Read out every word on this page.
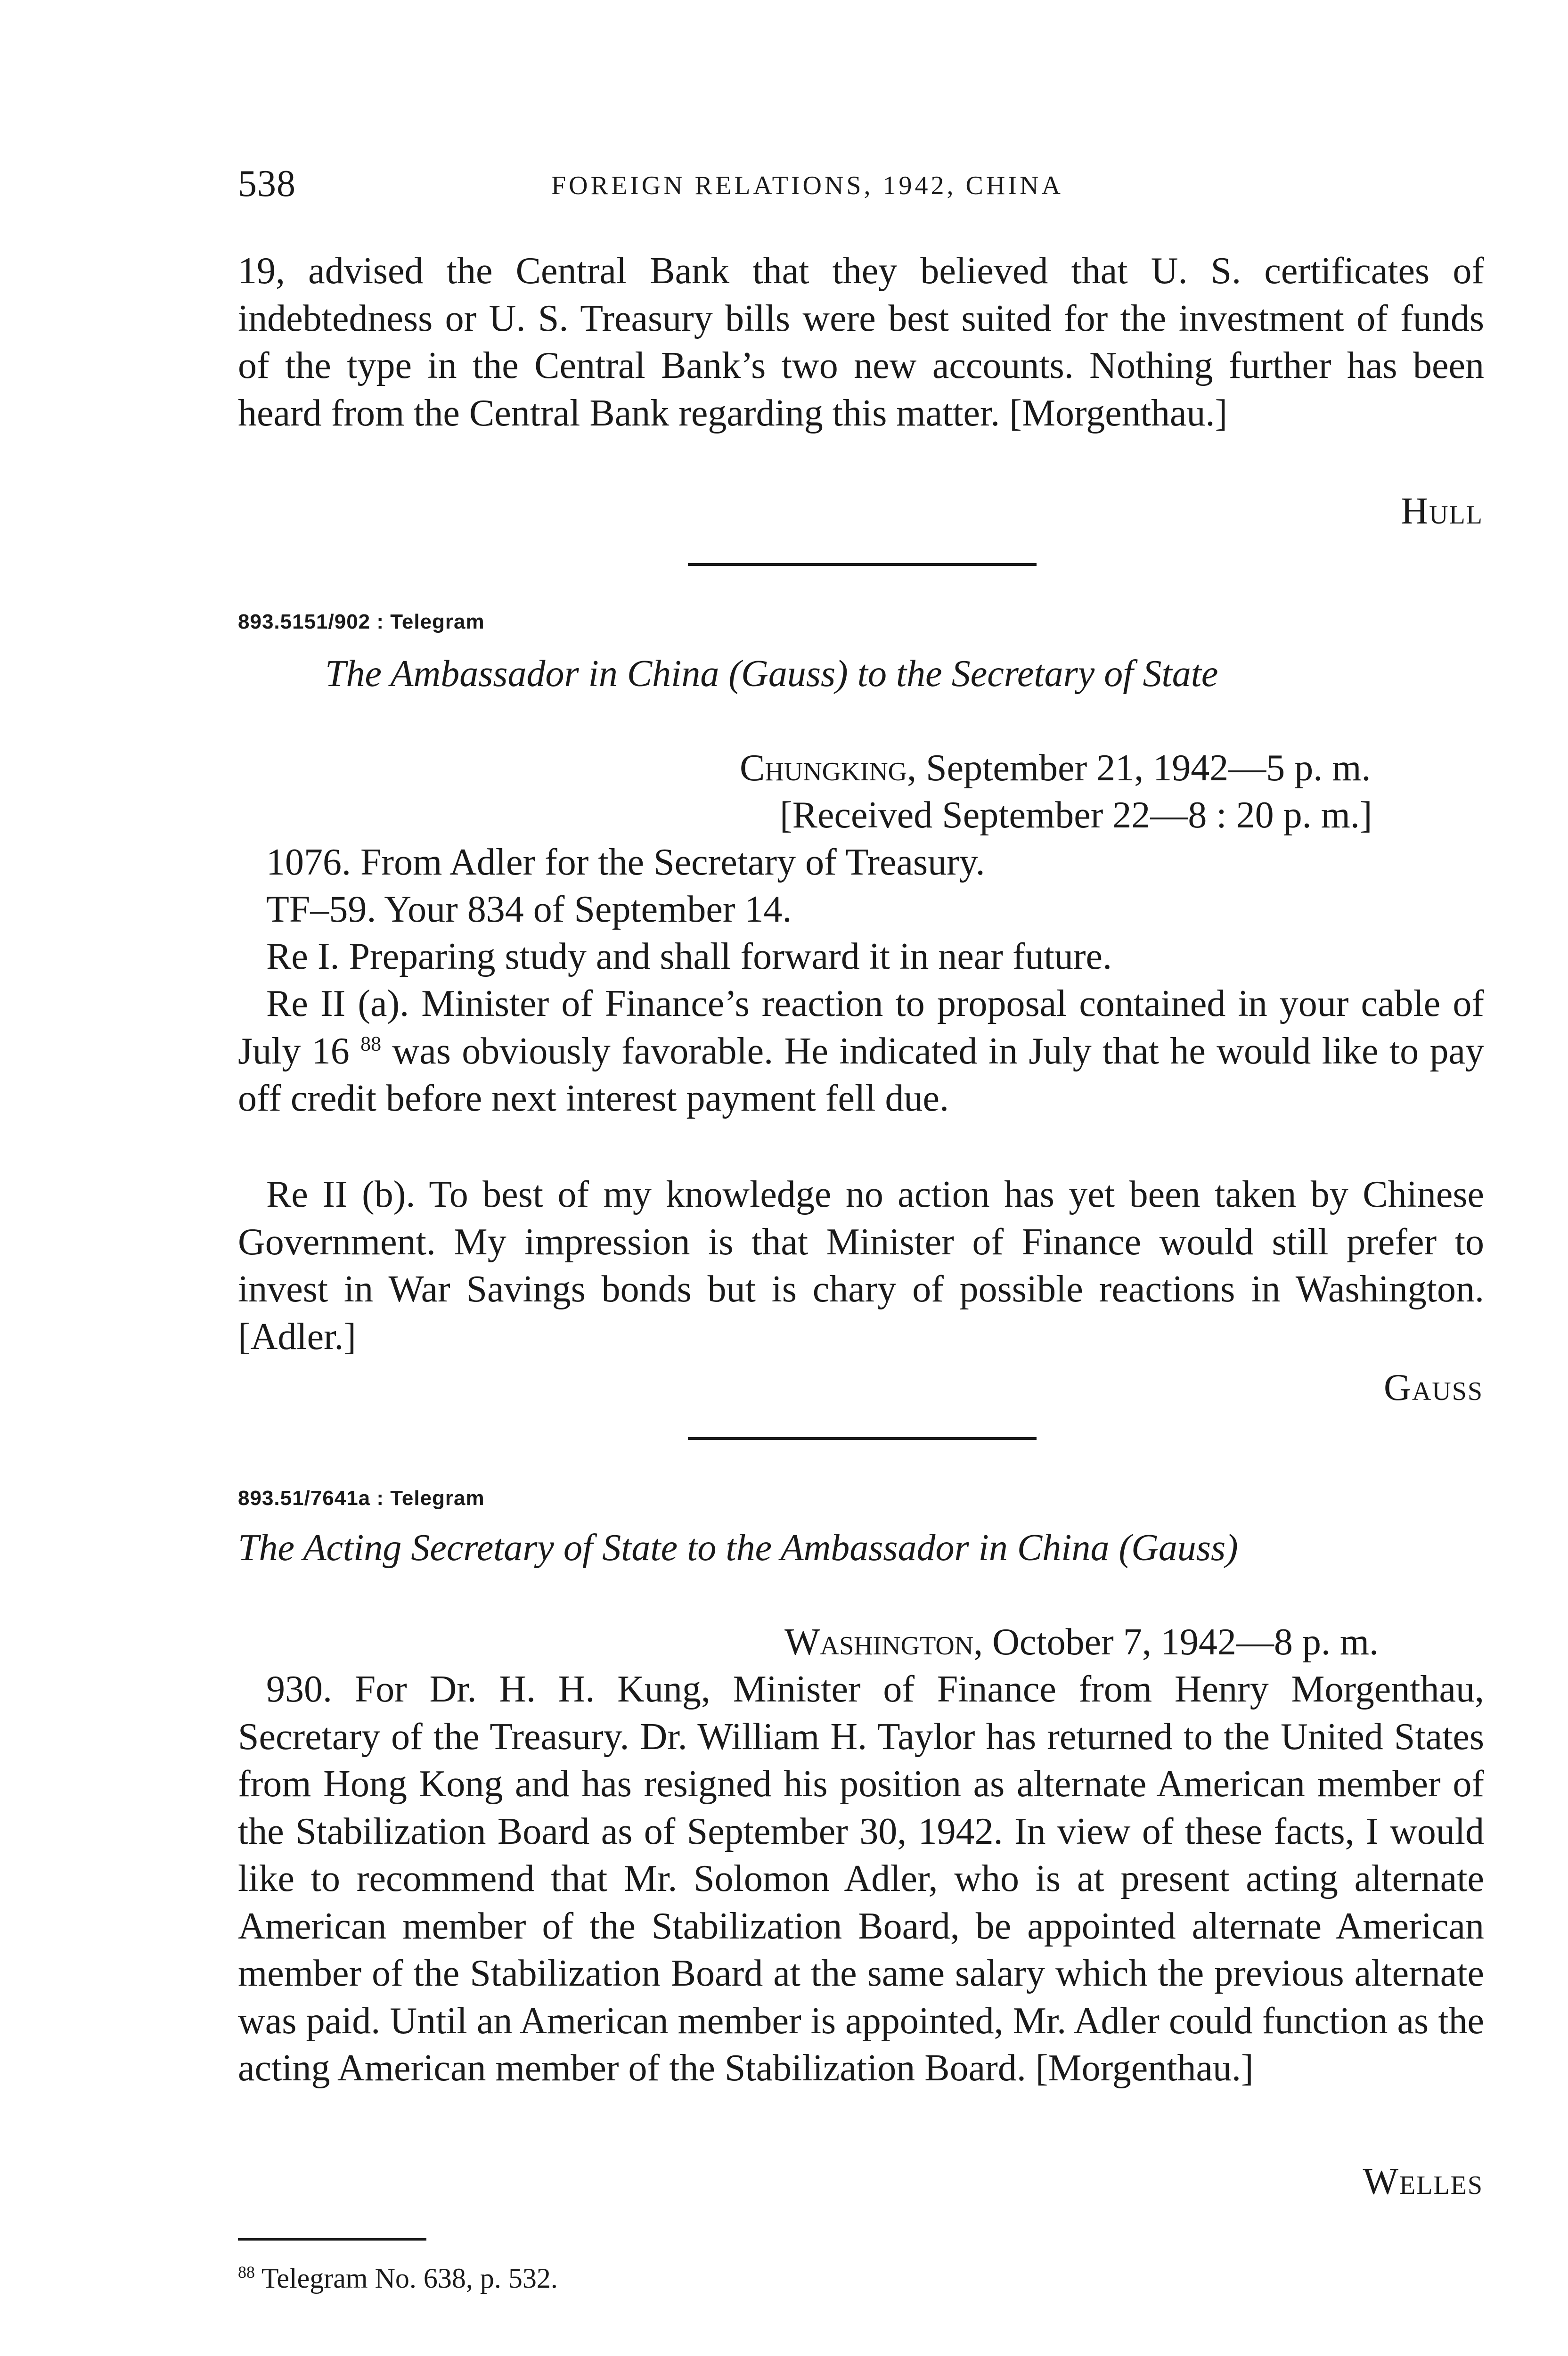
538	FOREIGN RELATIONS, 1942, CHINA
19, advised the Central Bank that they believed that U. S. certificates of indebtedness or U. S. Treasury bills were best suited for the investment of funds of the type in the Central Bank’s two new accounts. Nothing further has been heard from the Central Bank regarding this matter. [Morgenthau.]
Hull
893.5151/902 : Telegram
The Ambassador in China (Gauss) to the Secretary of State
Chungking, September 21, 1942—5 p. m.
[Received September 22—8 : 20 p. m.]
1076. From Adler for the Secretary of Treasury.
TF–59. Your 834 of September 14.
Re I. Preparing study and shall forward it in near future.
Re II (a). Minister of Finance’s reaction to proposal contained in your cable of July 16 $^{88}$ was obviously favorable. He indicated in July that he would like to pay off credit before next interest payment fell due.
Re II (b). To best of my knowledge no action has yet been taken by Chinese Government. My impression is that Minister of Finance would still prefer to invest in War Savings bonds but is chary of possible reactions in Washington. [Adler.]
Gauss
893.51/7641a : Telegram
The Acting Secretary of State to the Ambassador in China (Gauss)
Washington, October 7, 1942—8 p. m.
930. For Dr. H. H. Kung, Minister of Finance from Henry Morgenthau, Secretary of the Treasury. Dr. William H. Taylor has returned to the United States from Hong Kong and has resigned his position as alternate American member of the Stabilization Board as of September 30, 1942. In view of these facts, I would like to recommend that Mr. Solomon Adler, who is at present acting alternate American member of the Stabilization Board, be appointed alternate American member of the Stabilization Board at the same salary which the previous alternate was paid. Until an American member is appointed, Mr. Adler could function as the acting American member of the Stabilization Board. [Morgenthau.]
Welles
$^{88}$ Telegram No. 638, p. 532.
